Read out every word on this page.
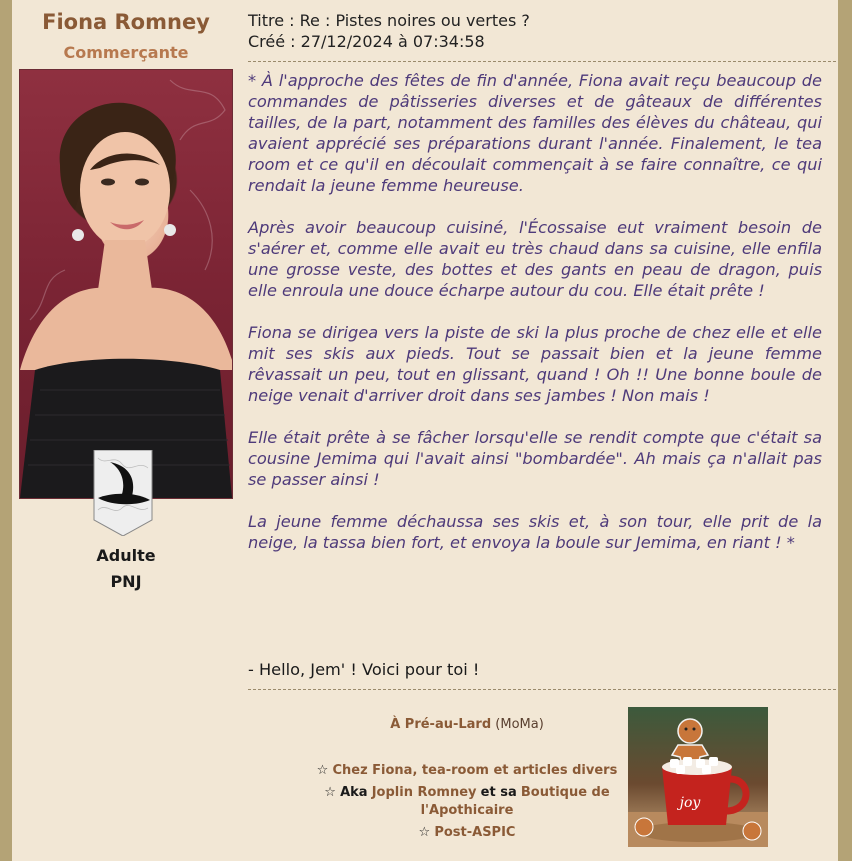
Fiona Romney
Commerçante
Adulte
PNJ
Titre : Re : Pistes noires ou vertes ?
Créé : 27/12/2024 à 07:34:58

* À l'approche des fêtes de fin d'année, Fiona avait reçu beaucoup de commandes de pâtisseries diverses et de gâteaux de différentes tailles, de la part, notamment des familles des élèves du château, qui avaient apprécié ses préparations durant l'année. Finalement, le tea room et ce qu'il en découlait commençait à se faire connaître, ce qui rendait la jeune femme heureuse.

Après avoir beaucoup cuisiné, l'Écossaise eut vraiment besoin de s'aérer et, comme elle avait eu très chaud dans sa cuisine, elle enfila une grosse veste, des bottes et des gants en peau de dragon, puis elle enroula une douce écharpe autour du cou. Elle était prête !

Fiona se dirigea vers la piste de ski la plus proche de chez elle et elle mit ses skis aux pieds. Tout se passait bien et la jeune femme rêvassait un peu, tout en glissant, quand ! Oh !! Une bonne boule de neige venait d'arriver droit dans ses jambes ! Non mais !

Elle était prête à se fâcher lorsqu'elle se rendit compte que c'était sa cousine Jemima qui l'avait ainsi "bombardée". Ah mais ça n'allait pas se passer ainsi !

La jeune femme déchaussa ses skis et, à son tour, elle prit de la neige, la tassa bien fort, et envoya la boule sur Jemima, en riant ! *

- Hello, Jem' ! Voici pour toi !
À Pré-au-Lard (MoMa)
☆ Chez Fiona, tea-room et articles divers
☆ Aka Joplin Romney et sa Boutique de l'Apothicaire
☆ Post-ASPIC
joy
